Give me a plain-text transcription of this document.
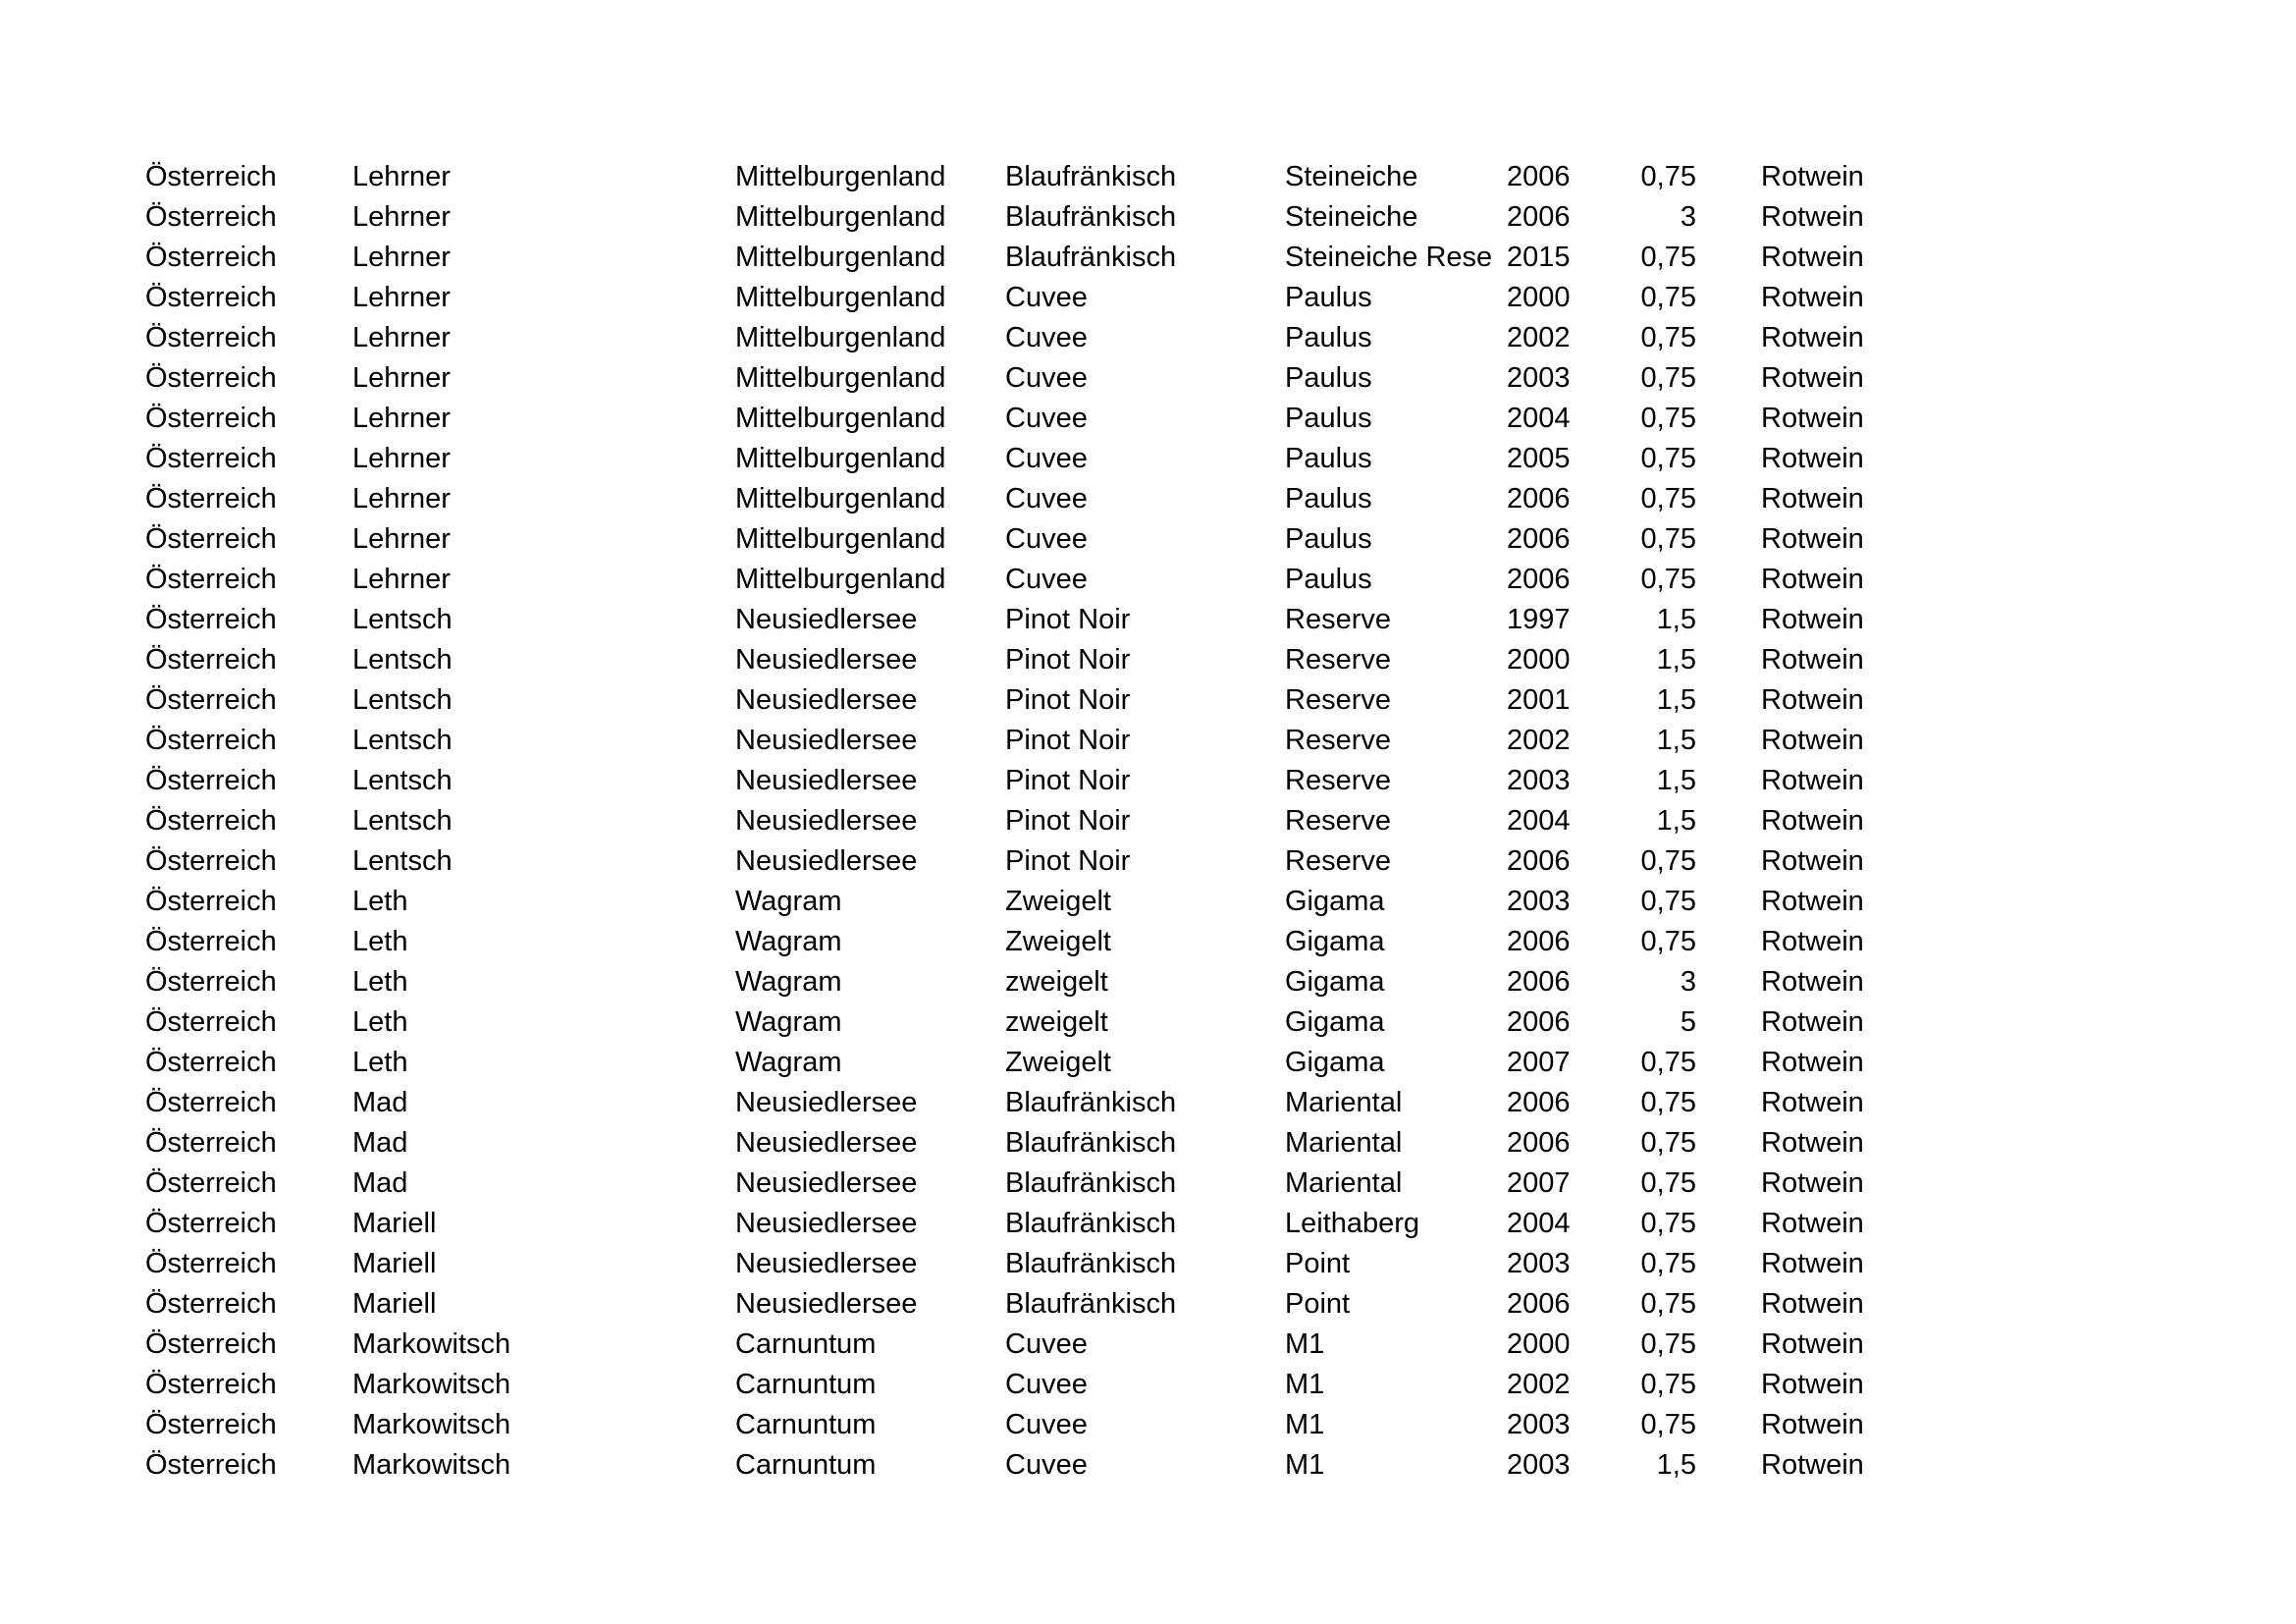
Österreich	Lehrner	Mittelburgenland	Blaufränkisch	Steineiche	2006	0,75		Rotwein
Österreich	Lehrner	Mittelburgenland	Blaufränkisch	Steineiche	2006	3		Rotwein
Österreich	Lehrner	Mittelburgenland	Blaufränkisch	Steineiche Rese	2015	0,75		Rotwein
Österreich	Lehrner	Mittelburgenland	Cuvee	Paulus	2000	0,75		Rotwein
Österreich	Lehrner	Mittelburgenland	Cuvee	Paulus	2002	0,75		Rotwein
Österreich	Lehrner	Mittelburgenland	Cuvee	Paulus	2003	0,75		Rotwein
Österreich	Lehrner	Mittelburgenland	Cuvee	Paulus	2004	0,75		Rotwein
Österreich	Lehrner	Mittelburgenland	Cuvee	Paulus	2005	0,75		Rotwein
Österreich	Lehrner	Mittelburgenland	Cuvee	Paulus	2006	0,75		Rotwein
Österreich	Lehrner	Mittelburgenland	Cuvee	Paulus	2006	0,75		Rotwein
Österreich	Lehrner	Mittelburgenland	Cuvee	Paulus	2006	0,75		Rotwein
Österreich	Lentsch	Neusiedlersee	Pinot Noir	Reserve	1997	1,5		Rotwein
Österreich	Lentsch	Neusiedlersee	Pinot Noir	Reserve	2000	1,5		Rotwein
Österreich	Lentsch	Neusiedlersee	Pinot Noir	Reserve	2001	1,5		Rotwein
Österreich	Lentsch	Neusiedlersee	Pinot Noir	Reserve	2002	1,5		Rotwein
Österreich	Lentsch	Neusiedlersee	Pinot Noir	Reserve	2003	1,5		Rotwein
Österreich	Lentsch	Neusiedlersee	Pinot Noir	Reserve	2004	1,5		Rotwein
Österreich	Lentsch	Neusiedlersee	Pinot Noir	Reserve	2006	0,75		Rotwein
Österreich	Leth	Wagram	Zweigelt	Gigama	2003	0,75		Rotwein
Österreich	Leth	Wagram	Zweigelt	Gigama	2006	0,75		Rotwein
Österreich	Leth	Wagram	zweigelt	Gigama	2006	3		Rotwein
Österreich	Leth	Wagram	zweigelt	Gigama	2006	5		Rotwein
Österreich	Leth	Wagram	Zweigelt	Gigama	2007	0,75		Rotwein
Österreich	Mad	Neusiedlersee	Blaufränkisch	Mariental	2006	0,75		Rotwein
Österreich	Mad	Neusiedlersee	Blaufränkisch	Mariental	2006	0,75		Rotwein
Österreich	Mad	Neusiedlersee	Blaufränkisch	Mariental	2007	0,75		Rotwein
Österreich	Mariell	Neusiedlersee	Blaufränkisch	Leithaberg	2004	0,75		Rotwein
Österreich	Mariell	Neusiedlersee	Blaufränkisch	Point	2003	0,75		Rotwein
Österreich	Mariell	Neusiedlersee	Blaufränkisch	Point	2006	0,75		Rotwein
Österreich	Markowitsch	Carnuntum	Cuvee	M1	2000	0,75		Rotwein
Österreich	Markowitsch	Carnuntum	Cuvee	M1	2002	0,75		Rotwein
Österreich	Markowitsch	Carnuntum	Cuvee	M1	2003	0,75		Rotwein
Österreich	Markowitsch	Carnuntum	Cuvee	M1	2003	1,5		Rotwein
